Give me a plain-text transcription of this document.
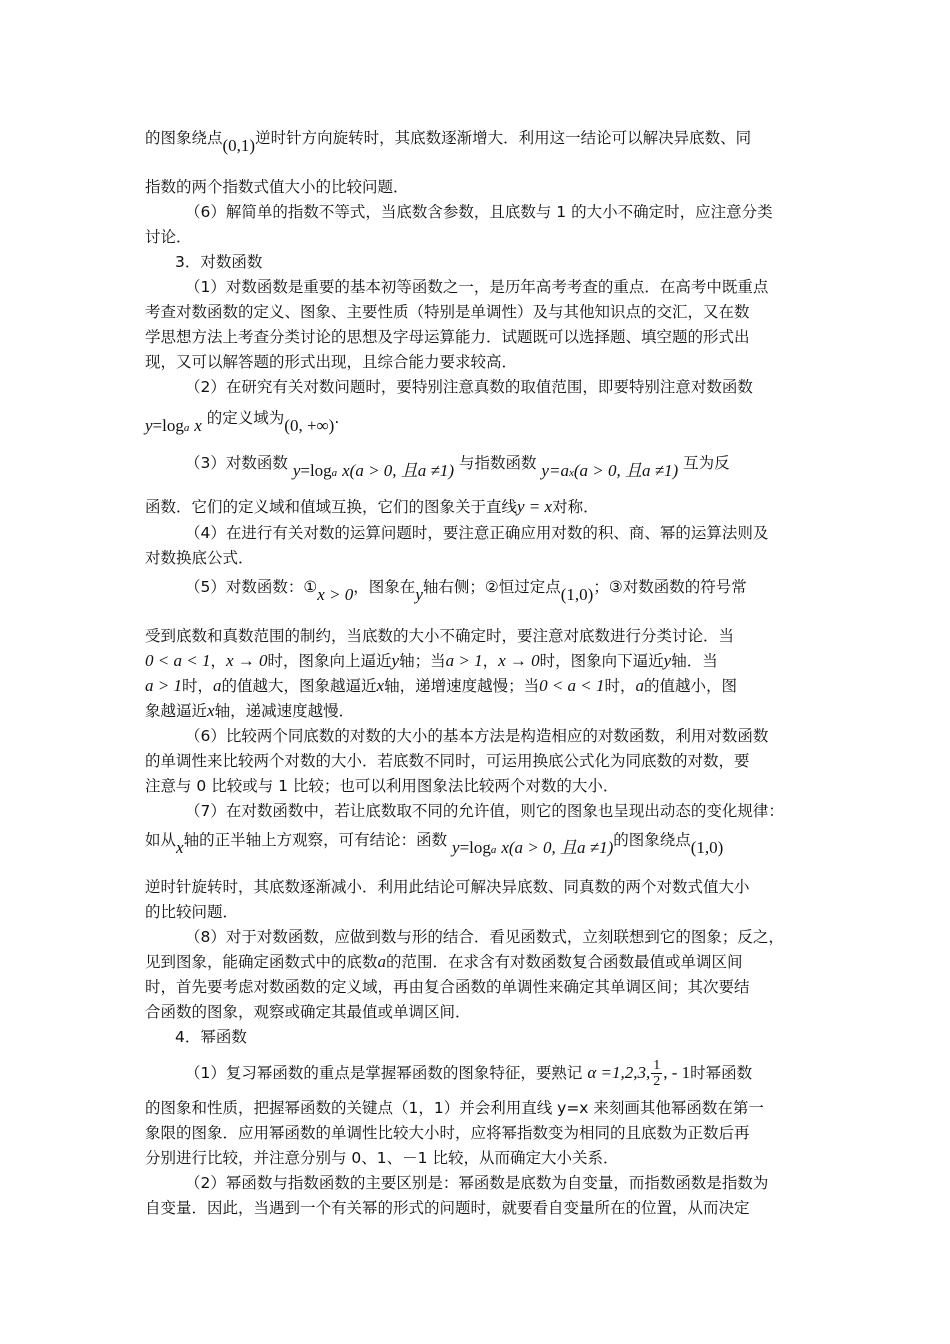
的图象绕点(0,1)逆时针方向旋转时，其底数逐渐增大．利用这一结论可以解决异底数、同
指数的两个指数式值大小的比较问题．
（6）解简单的指数不等式，当底数含参数，且底数与 1 的大小不确定时，应注意分类
讨论．
3．对数函数
（1）对数函数是重要的基本初等函数之一，是历年高考考查的重点．在高考中既重点
考查对数函数的定义、图象、主要性质（特别是单调性）及与其他知识点的交汇，又在数
学思想方法上考查分类讨论的思想及字母运算能力．试题既可以选择题、填空题的形式出
现，又可以解答题的形式出现，且综合能力要求较高．
（2）在研究有关对数问题时，要特别注意真数的取值范围，即要特别注意对数函数
$y=\log_a$ x 的定义域为(0, +∞).
（3）对数函数 $y=\log_a$ x(a > 0, 且a ≠1) 与指数函数 $y=a_x(a > 0$, 且a ≠1) 互为反
函数．它们的定义域和值域互换，它们的图象关于直线y = x对称．
（4）在进行有关对数的运算问题时，要注意正确应用对数的积、商、幂的运算法则及
对数换底公式．
（5）对数函数：①x > 0，图象在y轴右侧；②恒过定点(1,0)；③对数函数的符号常
受到底数和真数范围的制约，当底数的大小不确定时，要注意对底数进行分类讨论．当
0 < a < 1，x → 0时，图象向上逼近y轴；当a > 1，x → 0时，图象向下逼近y轴．当
a > 1时，a的值越大，图象越逼近x轴，递增速度越慢；当0 < a < 1时，a的值越小，图
象越逼近x轴，递减速度越慢．
（6）比较两个同底数的对数的大小的基本方法是构造相应的对数函数，利用对数函数
的单调性来比较两个对数的大小．若底数不同时，可运用换底公式化为同底数的对数，要
注意与 0 比较或与 1 比较；也可以利用图象法比较两个对数的大小．
（7）在对数函数中，若让底数取不同的允许值，则它的图象也呈现出动态的变化规律：
如从x轴的正半轴上方观察，可有结论：函数 $y=\log_a$ x(a > 0, 且a ≠1)的图象绕点(1,0)
逆时针旋转时，其底数逐渐减小．利用此结论可解决异底数、同真数的两个对数式值大小
的比较问题．
（8）对于对数函数，应做到数与形的结合．看见函数式，立刻联想到它的图象；反之，
见到图象，能确定函数式中的底数a的范围．在求含有对数函数复合函数最值或单调区间
时，首先要考虑对数函数的定义域，再由复合函数的单调性来确定其单调区间；其次要结
合函数的图象，观察或确定其最值或单调区间．
4．幂函数
（1）复习幂函数的重点是掌握幂函数的图象特征，要熟记 α =1,2,3, $\frac{1}{2}$ , - 1时幂函数
的图象和性质，把握幂函数的关键点（1，1）并会利用直线 y=x 来刻画其他幂函数在第一
象限的图象．应用幂函数的单调性比较大小时，应将幂指数变为相同的且底数为正数后再
分别进行比较，并注意分别与 0、1、－1 比较，从而确定大小关系．
（2）幂函数与指数函数的主要区别是：幂函数是底数为自变量，而指数函数是指数为
自变量．因此，当遇到一个有关幂的形式的问题时，就要看自变量所在的位置，从而决定
